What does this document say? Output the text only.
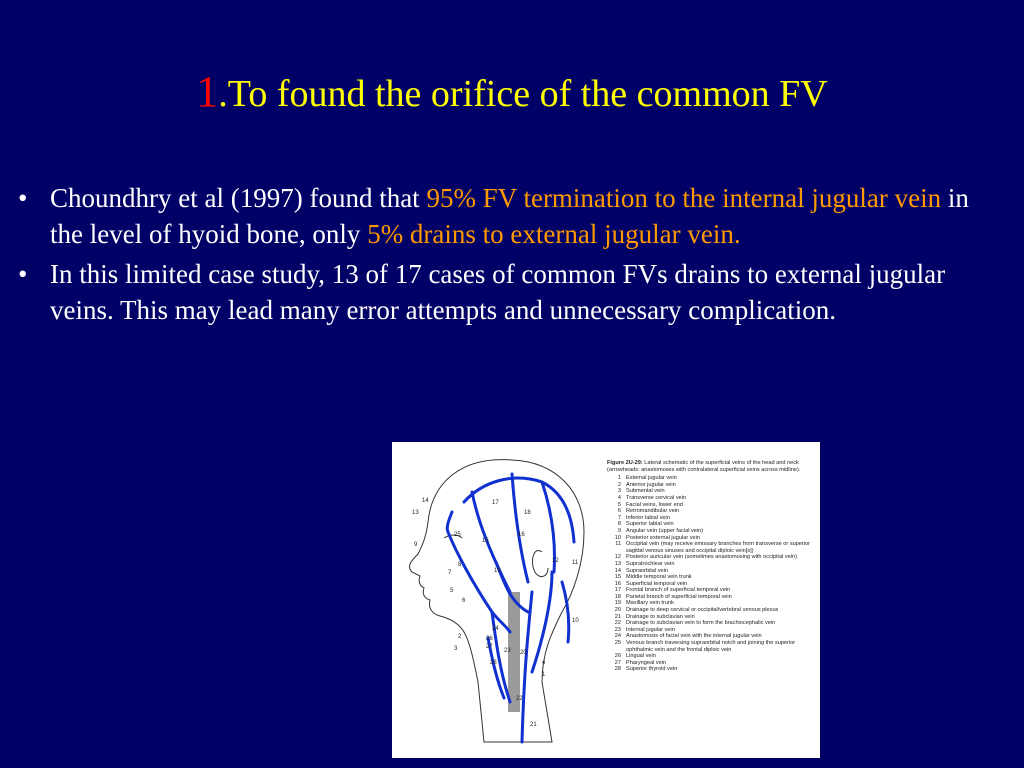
1.To found the orifice of the common FV
• Choundhry et al (1997) found that 95% FV termination to the internal jugular vein in the level of hyoid bone, only 5% drains to external jugular vein.
• In this limited case study, 13 of 17 cases of common FVs drains to external jugular veins. This may lead many error attempts and unnecessary complication.
14
13
9
25
17
18
16
15
19
12 11
10
8
7
5
6
24
26
27
28
3
2
4
1
22
21
23 20
Figure 2U-29: Lateral schematic of the superficial veins of the head and neck (arrowheads: anastomoses with contralateral superficial veins across midline).
1 External jugular vein
2 Anterior jugular vein
3 Submental vein
4 Transverse cervical vein
5 Facial veins, lower end
6 Retromandibular vein
7 Inferior labial vein
8 Superior labial vein
9 Angular vein (upper facial vein)
10 Posterior external jugular vein
11 Occipital vein (may receive emissary branches from transverse or superior sagittal venous sinuses and occipital diploic vein[s])
12 Posterior auricular vein (sometimes anastomosing with occipital vein)
13 Supratrochlear vein
14 Supraorbital vein
15 Middle temporal vein trunk
16 Superficial temporal vein
17 Frontal branch of superficial temporal vein
18 Parietal branch of superficial temporal vein
19 Maxillary vein trunk
20 Drainage to deep cervical or occipital/vertebral venous plexus
21 Drainage to subclavian vein
22 Drainage to subclavian vein to form the brachiocephalic vein
23 Internal jugular vein
24 Anastomosis of facial vein with the internal jugular vein
25 Venous branch traversing supraorbital notch and joining the superior ophthalmic vein and the frontal diploic vein
26 Lingual vein
27 Pharyngeal vein
28 Superior thyroid vein
